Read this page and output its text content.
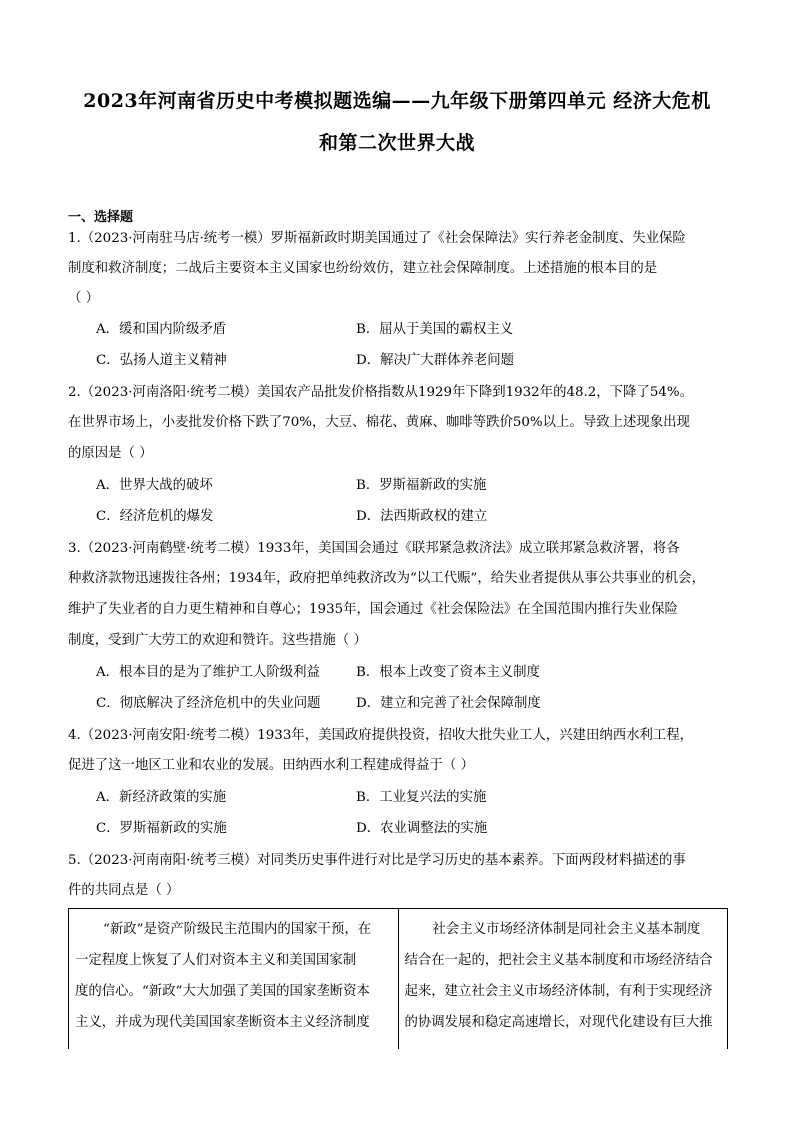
2023年河南省历史中考模拟题选编——九年级下册第四单元 经济大危机
和第二次世界大战
一、选择题
1.（2023·河南驻马店·统考一模）罗斯福新政时期美国通过了《社会保障法》实行养老金制度、失业保险
制度和救济制度；二战后主要资本主义国家也纷纷效仿，建立社会保障制度。上述措施的根本目的是
（ ）
A．缓和国内阶级矛盾	B．屈从于美国的霸权主义
C．弘扬人道主义精神	D．解决广大群体养老问题
2.（2023·河南洛阳·统考二模）美国农产品批发价格指数从1929年下降到1932年的48.2，下降了54%。
在世界市场上，小麦批发价格下跌了70%，大豆、棉花、黄麻、咖啡等跌价50%以上。导致上述现象出现
的原因是（ ）
A．世界大战的破坏	B．罗斯福新政的实施
C．经济危机的爆发	D．法西斯政权的建立
3.（2023·河南鹤壁·统考二模）1933年，美国国会通过《联邦紧急救济法》成立联邦紧急救济署，将各
种救济款物迅速拨往各州；1934年，政府把单纯救济改为“以工代赈”，给失业者提供从事公共事业的机会，
维护了失业者的自力更生精神和自尊心；1935年，国会通过《社会保险法》在全国范围内推行失业保险
制度，受到广大劳工的欢迎和赞许。这些措施（ ）
A．根本目的是为了维护工人阶级利益	B．根本上改变了资本主义制度
C．彻底解决了经济危机中的失业问题	D．建立和完善了社会保障制度
4.（2023·河南安阳·统考二模）1933年，美国政府提供投资，招收大批失业工人，兴建田纳西水利工程，
促进了这一地区工业和农业的发展。田纳西水利工程建成得益于（ ）
A．新经济政策的实施	B．工业复兴法的实施
C．罗斯福新政的实施	D．农业调整法的实施
5.（2023·河南南阳·统考三模）对同类历史事件进行对比是学习历史的基本素养。下面两段材料描述的事
件的共同点是（ ）
“新政”是资产阶级民主范围内的国家干预，在
一定程度上恢复了人们对资本主义和美国国家制
度的信心。“新政”大大加强了美国的国家垄断资本
主义，并成为现代美国国家垄断资本主义经济制度

社会主义市场经济体制是同社会主义基本制度
结合在一起的，把社会主义基本制度和市场经济结合
起来，建立社会主义市场经济体制，有利于实现经济
的协调发展和稳定高速增长，对现代化建设有巨大推
